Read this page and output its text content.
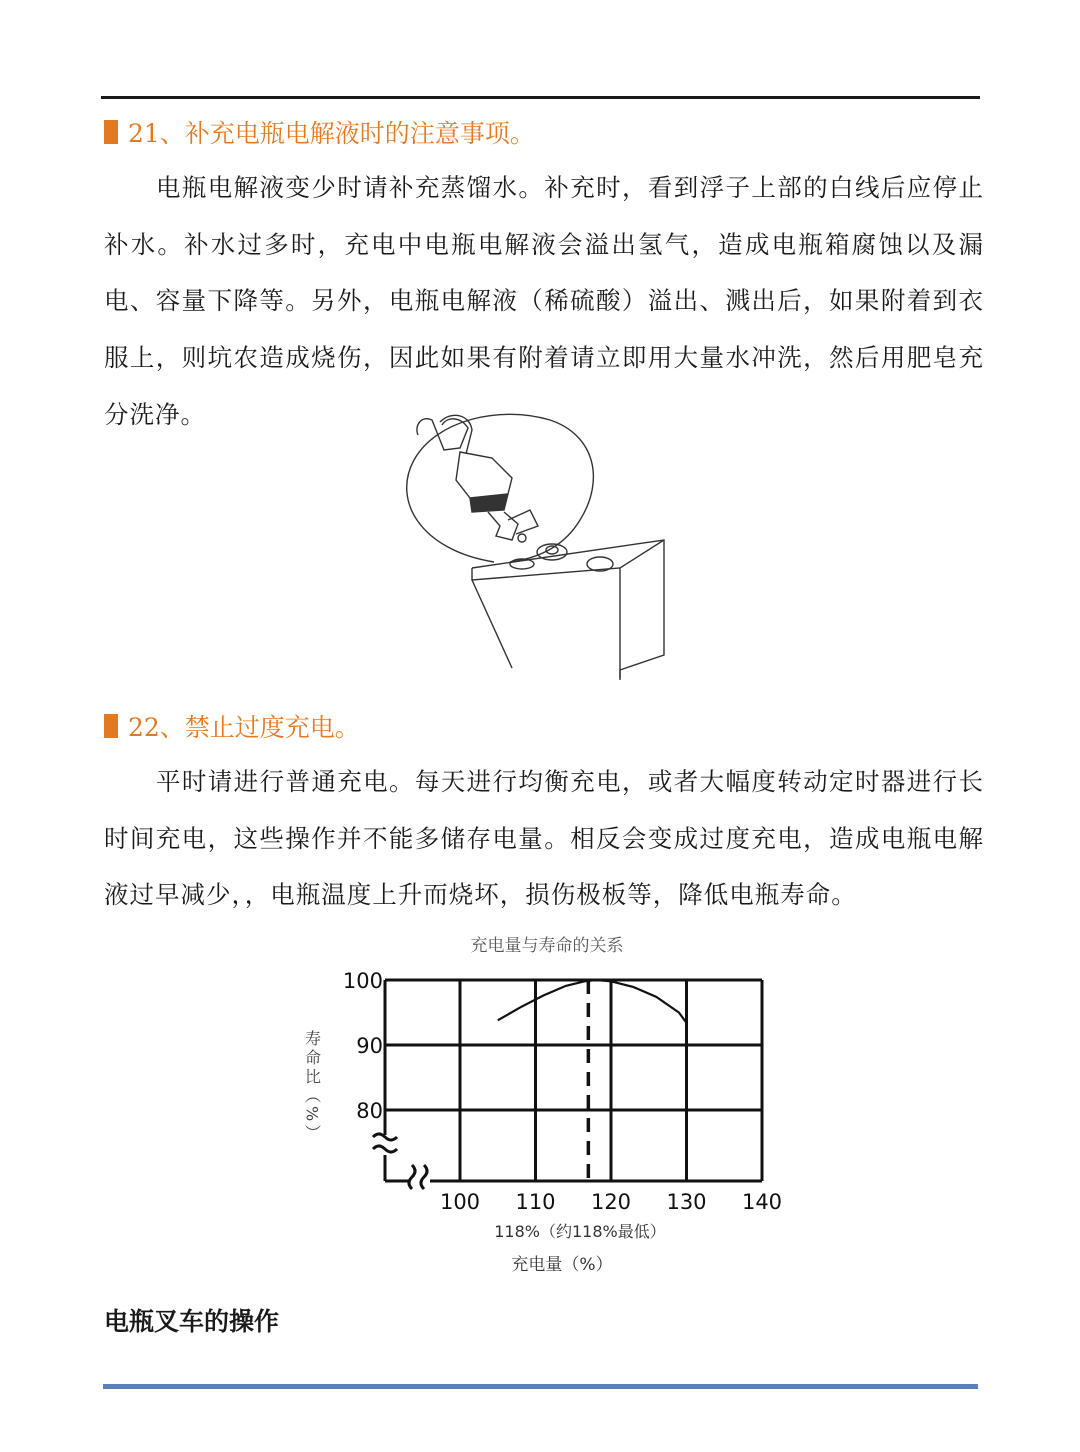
21、补充电瓶电解液时的注意事项。

电瓶电解液变少时请补充蒸馏水。补充时，看到浮子上部的白线后应停止补水。补水过多时，充电中电瓶电解液会溢出氢气，造成电瓶箱腐蚀以及漏电、容量下降等。另外，电瓶电解液（稀硫酸）溢出、溅出后，如果附着到衣服上，则坑农造成烧伤，因此如果有附着请立即用大量水冲洗，然后用肥皂充分洗净。

22、禁止过度充电。

平时请进行普通充电。每天进行均衡充电，或者大幅度转动定时器进行长时间充电，这些操作并不能多储存电量。相反会变成过度充电，造成电瓶电解液过早减少，，电瓶温度上升而烧坏，损伤极板等，降低电瓶寿命。

充电量与寿命的关系
80
90
100
100 110 120 130 140
寿命比（%）
118%（约118%最低）
充电量（%）
电瓶叉车的操作
